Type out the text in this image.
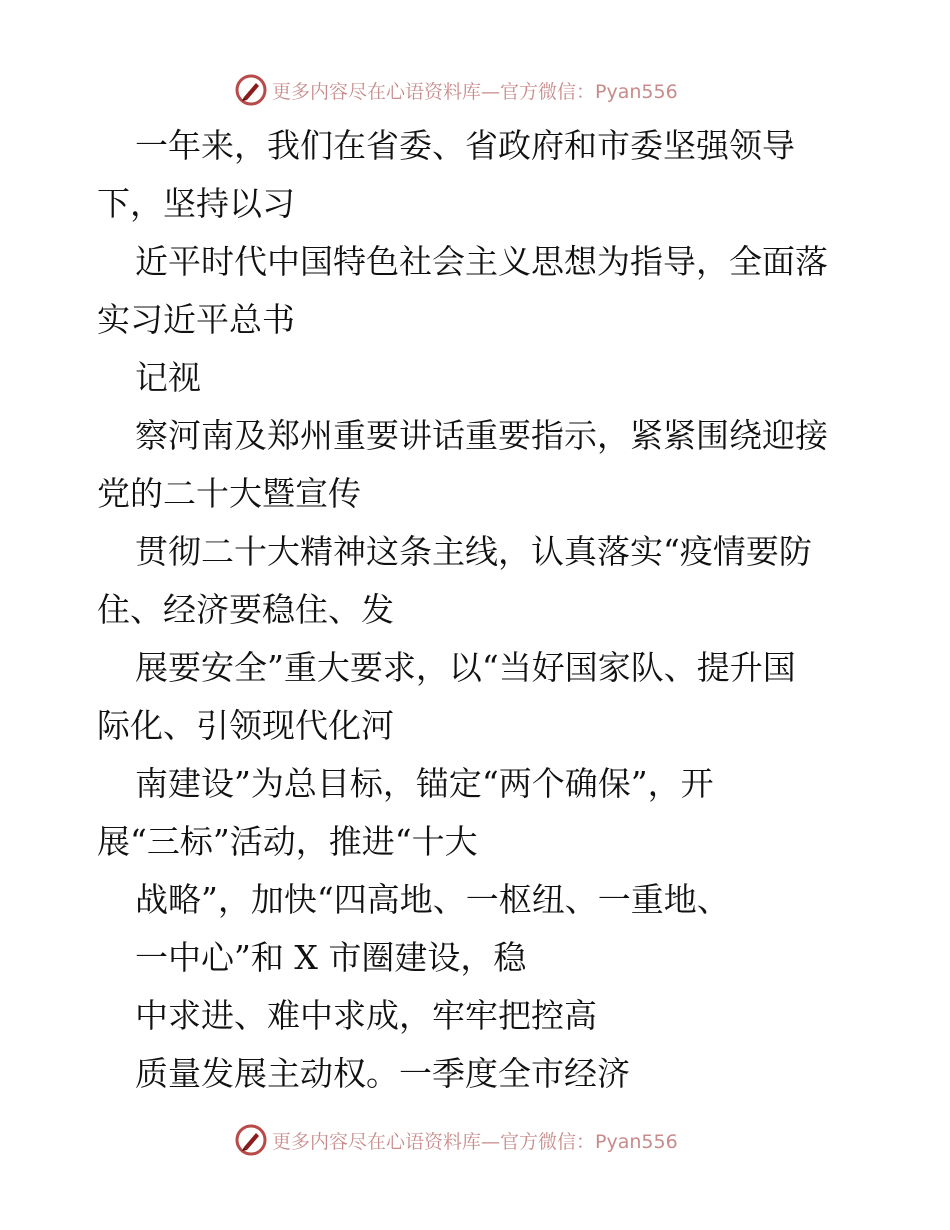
更多内容尽在心语资料库—官方微信：Pyan556
一年来，我们在省委、省政府和市委坚强领导
下，坚持以习
近平时代中国特色社会主义思想为指导，全面落
实习近平总书
记视
察河南及郑州重要讲话重要指示，紧紧围绕迎接
党的二十大暨宣传
贯彻二十大精神这条主线，认真落实“疫情要防
住、经济要稳住、发
展要安全”重大要求，以“当好国家队、提升国
际化、引领现代化河
南建设”为总目标，锚定“两个确保”，开
展“三标”活动，推进“十大
战略”，加快“四高地、一枢纽、一重地、
一中心”和 X 市圈建设，稳
中求进、难中求成，牢牢把控高
质量发展主动权。一季度全市经济
更多内容尽在心语资料库—官方微信：Pyan556
